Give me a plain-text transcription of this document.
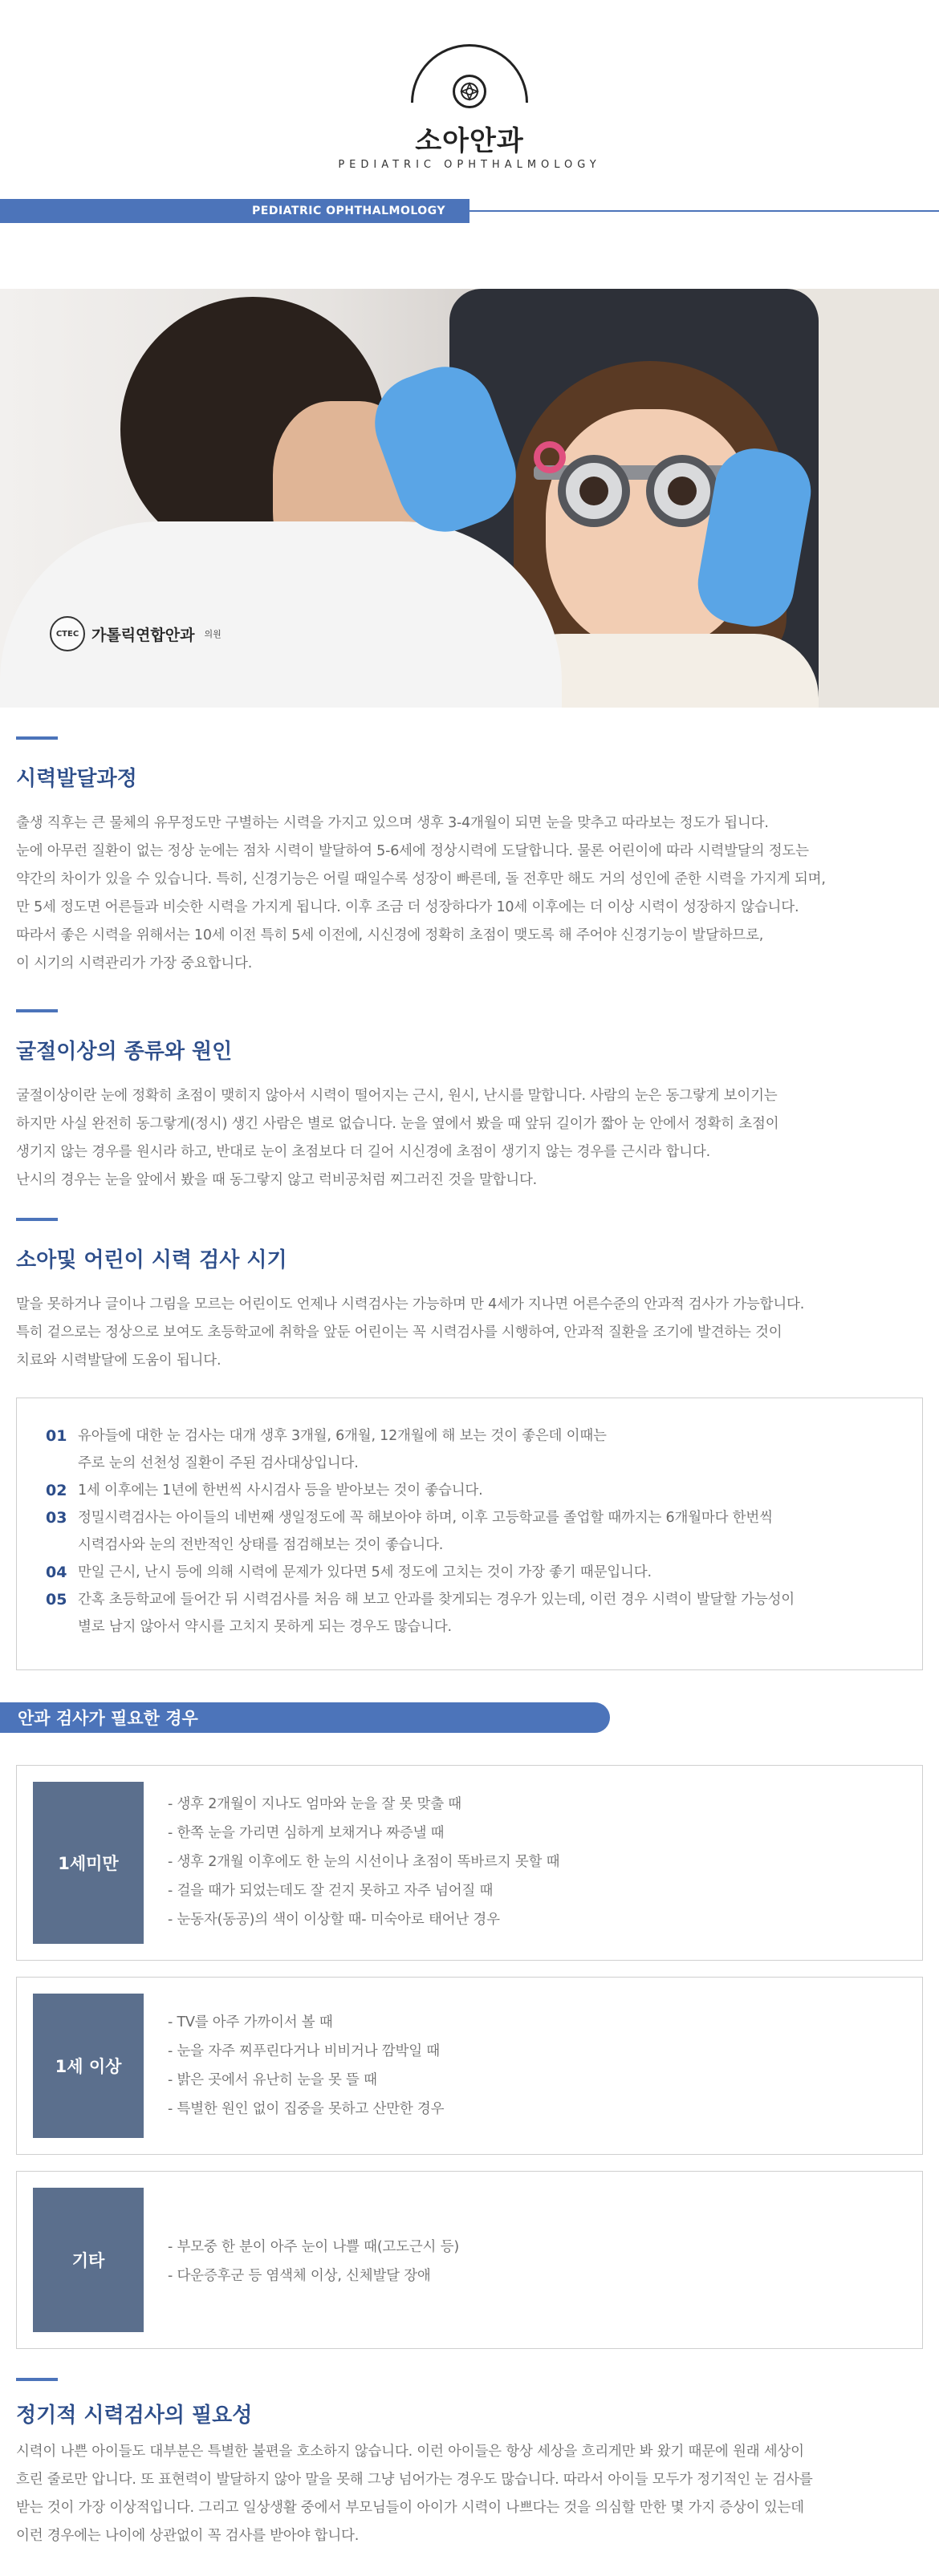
소아안과
PEDIATRIC OPHTHALMOLOGY
PEDIATRIC OPHTHALMOLOGY
CTEC 가톨릭연합안과 의원
시력발달과정

출생 직후는 큰 물체의 유무정도만 구별하는 시력을 가지고 있으며 생후 3-4개월이 되면 눈을 맞추고 따라보는 정도가 됩니다.

눈에 아무런 질환이 없는 정상 눈에는 점차 시력이 발달하여 5-6세에 정상시력에 도달합니다. 물론 어린이에 따라 시력발달의 정도는

약간의 차이가 있을 수 있습니다. 특히, 신경기능은 어릴 때일수록 성장이 빠른데, 돌 전후만 해도 거의 성인에 준한 시력을 가지게 되며,

만 5세 정도면 어른들과 비슷한 시력을 가지게 됩니다. 이후 조금 더 성장하다가 10세 이후에는 더 이상 시력이 성장하지 않습니다.

따라서 좋은 시력을 위해서는 10세 이전 특히 5세 이전에, 시신경에 정확히 초점이 맺도록 해 주어야 신경기능이 발달하므로,

이 시기의 시력관리가 가장 중요합니다.

굴절이상의 종류와 원인

굴절이상이란 눈에 정확히 초점이 맺히지 않아서 시력이 떨어지는 근시, 원시, 난시를 말합니다. 사람의 눈은 동그랗게 보이기는

하지만 사실 완전히 동그랗게(정시) 생긴 사람은 별로 없습니다. 눈을 옆에서 봤을 때 앞뒤 길이가 짧아 눈 안에서 정확히 초점이

생기지 않는 경우를 원시라 하고, 반대로 눈이 초점보다 더 길어 시신경에 초점이 생기지 않는 경우를 근시라 합니다.

난시의 경우는 눈을 앞에서 봤을 때 동그랗지 않고 럭비공처럼 찌그러진 것을 말합니다.

소아및 어린이 시력 검사 시기

말을 못하거나 글이나 그림을 모르는 어린이도 언제나 시력검사는 가능하며 만 4세가 지나면 어른수준의 안과적 검사가 가능합니다.

특히 겉으로는 정상으로 보여도 초등학교에 취학을 앞둔 어린이는 꼭 시력검사를 시행하여, 안과적 질환을 조기에 발견하는 것이

치료와 시력발달에 도움이 됩니다.

01 유아들에 대한 눈 검사는 대개 생후 3개월, 6개월, 12개월에 해 보는 것이 좋은데 이때는

주로 눈의 선천성 질환이 주된 검사대상입니다.

02 1세 이후에는 1년에 한번씩 사시검사 등을 받아보는 것이 좋습니다.

03 정밀시력검사는 아이들의 네번째 생일정도에 꼭 해보아야 하며, 이후 고등학교를 졸업할 때까지는 6개월마다 한번씩

시력검사와 눈의 전반적인 상태를 점검해보는 것이 좋습니다.

04 만일 근시, 난시 등에 의해 시력에 문제가 있다면 5세 정도에 고치는 것이 가장 좋기 때문입니다.

05 간혹 초등학교에 들어간 뒤 시력검사를 처음 해 보고 안과를 찾게되는 경우가 있는데, 이런 경우 시력이 발달할 가능성이

별로 남지 않아서 약시를 고치지 못하게 되는 경우도 많습니다.

안과 검사가 필요한 경우
1세미만

- 생후 2개월이 지나도 엄마와 눈을 잘 못 맞출 때

- 한쪽 눈을 가리면 심하게 보채거나 짜증낼 때

- 생후 2개월 이후에도 한 눈의 시선이나 초점이 똑바르지 못할 때

- 걸을 때가 되었는데도 잘 걷지 못하고 자주 넘어질 때

- 눈동자(동공)의 색이 이상할 때- 미숙아로 태어난 경우

1세 이상

- TV를 아주 가까이서 볼 때

- 눈을 자주 찌푸린다거나 비비거나 깜박일 때

- 밝은 곳에서 유난히 눈을 못 뜰 때

- 특별한 원인 없이 집중을 못하고 산만한 경우

기타

- 부모중 한 분이 아주 눈이 나쁠 때(고도근시 등)

- 다운증후군 등 염색체 이상, 신체발달 장애

정기적 시력검사의 필요성

시력이 나쁜 아이들도 대부분은 특별한 불편을 호소하지 않습니다. 이런 아이들은 항상 세상을 흐리게만 봐 왔기 때문에 원래 세상이

흐린 줄로만 압니다. 또 표현력이 발달하지 않아 말을 못해 그냥 넘어가는 경우도 많습니다. 따라서 아이들 모두가 정기적인 눈 검사를

받는 것이 가장 이상적입니다. 그리고 일상생활 중에서 부모님들이 아이가 시력이 나쁘다는 것을 의심할 만한 몇 가지 증상이 있는데

이런 경우에는 나이에 상관없이 꼭 검사를 받아야 합니다.
